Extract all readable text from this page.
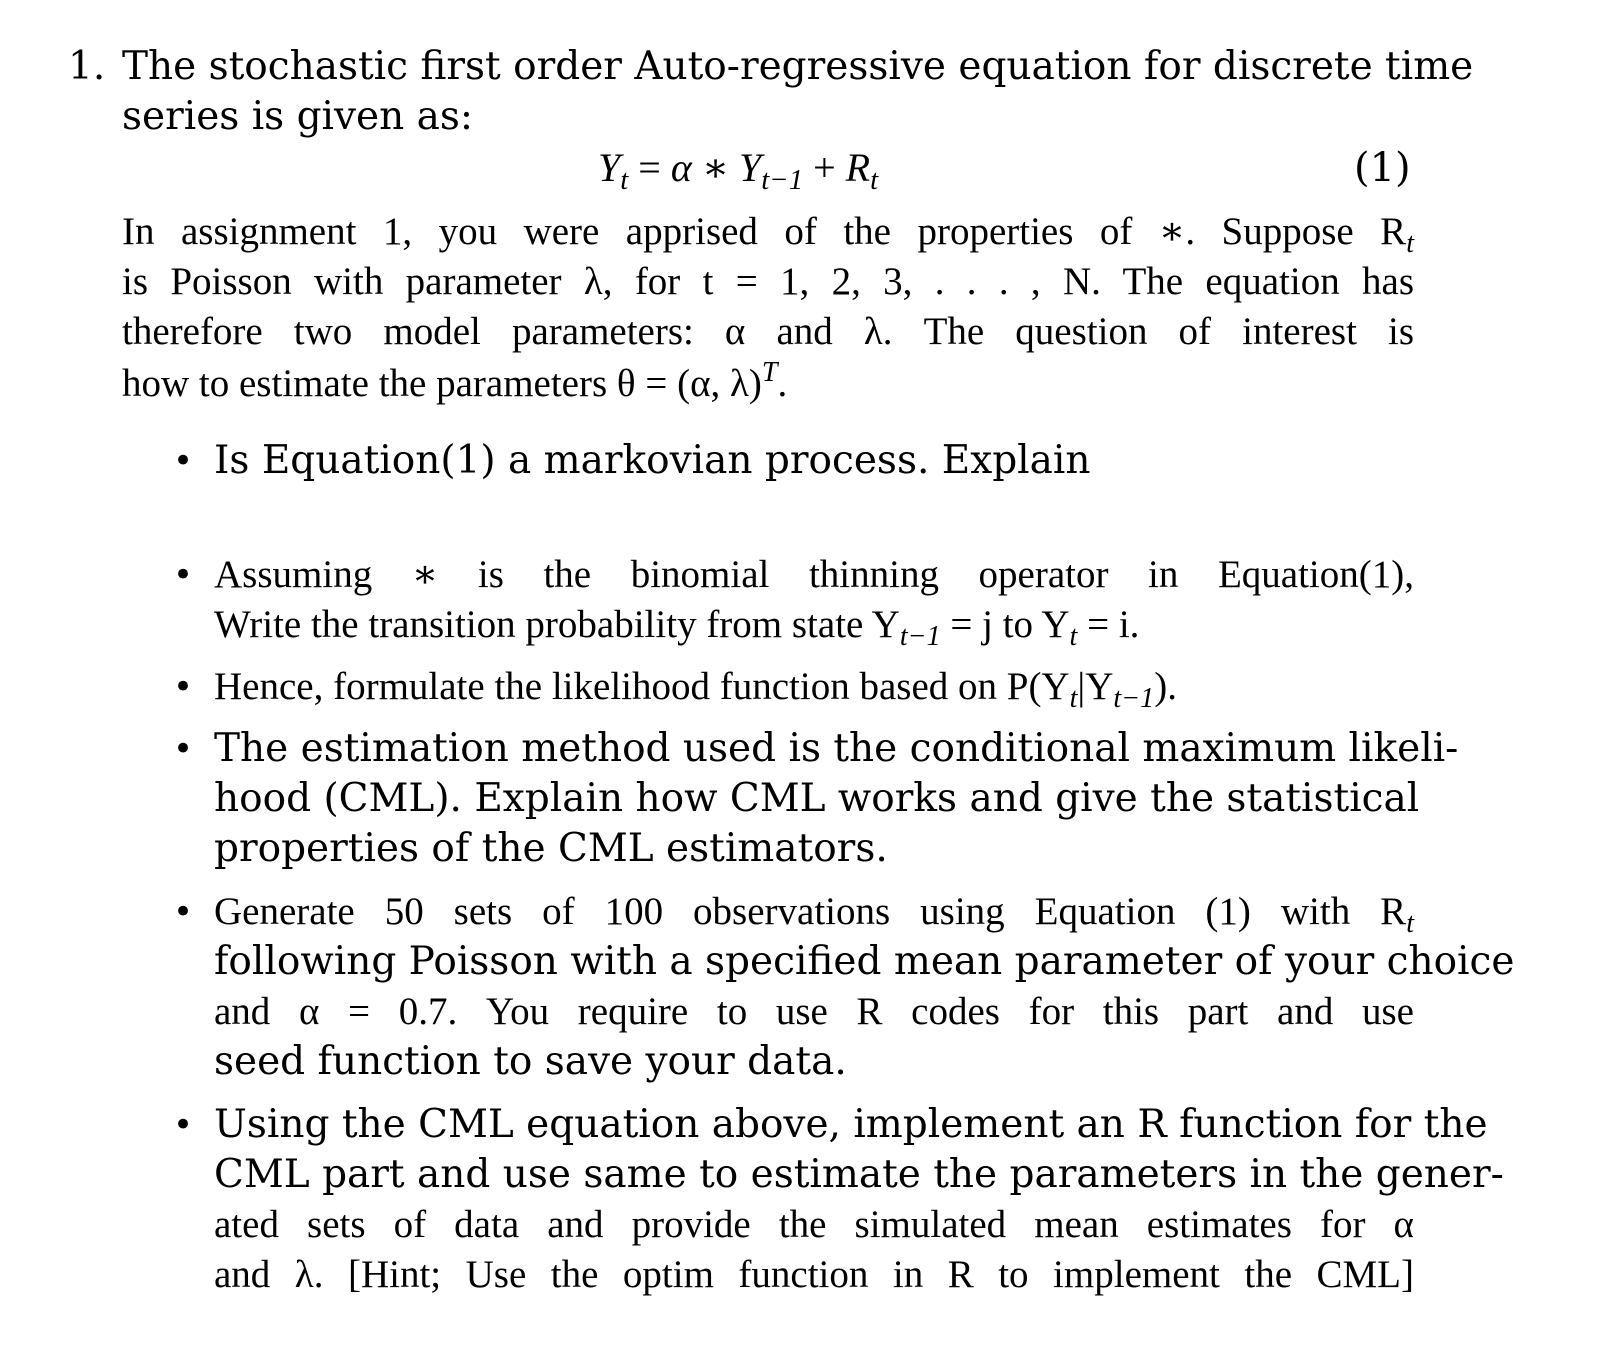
1. The stochastic first order Auto-regressive equation for discrete time
series is given as:
$Y_t = \alpha$ ∗ $Y_{t-1} + R_t$	(1)
In assignment 1, you were apprised of the properties of ∗. Suppose $R_t$
is Poisson with parameter λ, for t = 1, 2, 3, . . . , N. The equation has
therefore two model parameters: α and λ. The question of interest is
how to estimate the parameters θ = (α, λ)$^T$.
• Is Equation(1) a markovian process. Explain
• Assuming ∗ is the binomial thinning operator in Equation(1),
Write the transition probability from state $Y_{t-1} = j$ to $Y_t = i$.
• Hence, formulate the likelihood function based on $P(Y_t|Y_{t-1})$.
• The estimation method used is the conditional maximum likeli-
hood (CML). Explain how CML works and give the statistical
properties of the CML estimators.
• Generate 50 sets of 100 observations using Equation (1) with $R_t$
following Poisson with a specified mean parameter of your choice
and α = 0.7. You require to use R codes for this part and use
seed function to save your data.
• Using the CML equation above, implement an R function for the
CML part and use same to estimate the parameters in the gener-
ated sets of data and provide the simulated mean estimates for α
and λ. [Hint; Use the optim function in R to implement the CML]
